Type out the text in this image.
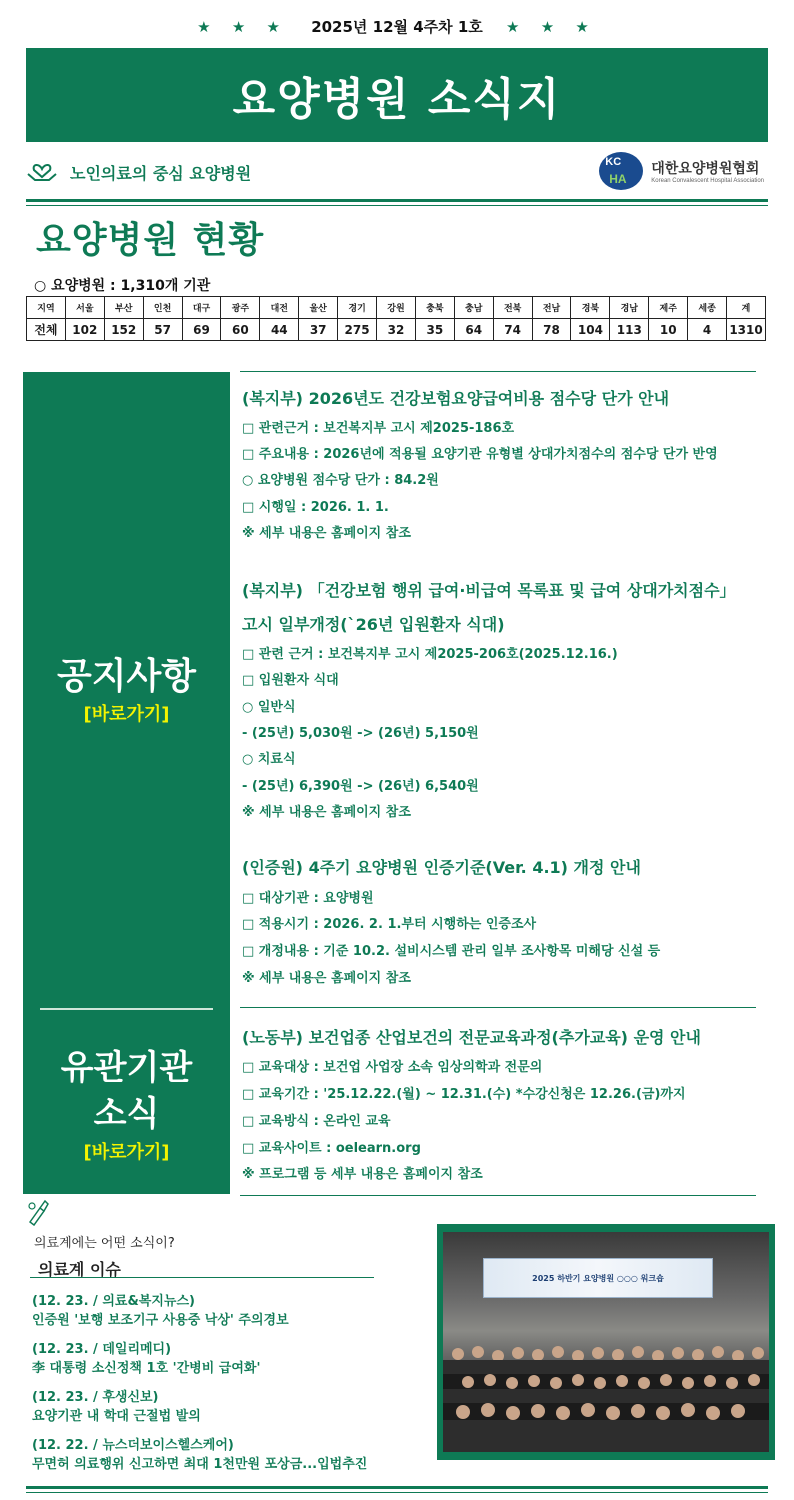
★ ★ ★ 2025년 12월 4주차 1호 ★ ★ ★
요양병원 소식지
노인의료의 중심 요양병원
KC
HA
대한요양병원협회
Korean Convalescent Hospital Association
요양병원 현황
○ 요양병원 : 1,310개 기관
지역	서울	부산	인천	대구	광주	대전	울산	경기	강원	충북	충남	전북	전남	경북	경남	제주	세종	계
전체	102	152	57	69	60	44	37	275	32	35	64	74	78	104	113	10	4	1310
공지사항
[바로가기]
유관기관
소식
[바로가기]
(복지부) 2026년도 건강보험요양급여비용 점수당 단가 안내
□ 관련근거 : 보건복지부 고시 제2025-186호
□ 주요내용 : 2026년에 적용될 요양기관 유형별 상대가치점수의 점수당 단가 반영
○ 요양병원 점수당 단가 : 84.2원
□ 시행일 : 2026. 1. 1.
※ 세부 내용은 홈페이지 참조
(복지부) 「건강보험 행위 급여·비급여 목록표 및 급여 상대가치점수」
고시 일부개정(`26년 입원환자 식대)
□ 관련 근거 : 보건복지부 고시 제2025-206호(2025.12.16.)
□ 입원환자 식대
○ 일반식
- (25년) 5,030원 -> (26년) 5,150원
○ 치료식
- (25년) 6,390원 -> (26년) 6,540원
※ 세부 내용은 홈페이지 참조
(인증원) 4주기 요양병원 인증기준(Ver. 4.1) 개정 안내
□ 대상기관 : 요양병원
□ 적용시기 : 2026. 2. 1.부터 시행하는 인증조사
□ 개정내용 : 기준 10.2. 설비시스템 관리 일부 조사항목 미해당 신설 등
※ 세부 내용은 홈페이지 참조
(노동부) 보건업종 산업보건의 전문교육과정(추가교육) 운영 안내
□ 교육대상 : 보건업 사업장 소속 임상의학과 전문의
□ 교육기간 : '25.12.22.(월) ~ 12.31.(수) *수강신청은 12.26.(금)까지
□ 교육방식 : 온라인 교육
□ 교육사이트 : oelearn.org
※ 프로그램 등 세부 내용은 홈페이지 참조
의료계에는 어떤 소식이?
의료계 이슈
(12. 23. / 의료&복지뉴스)
인증원 '보행 보조기구 사용중 낙상' 주의경보
(12. 23. / 데일리메디)
李 대통령 소신정책 1호 '간병비 급여화'
(12. 23. / 후생신보)
요양기관 내 학대 근절법 발의
(12. 22. / 뉴스더보이스헬스케어)
무면허 의료행위 신고하면 최대 1천만원 포상금...입법추진
2025 하반기 요양병원 ○○○ 워크숍
